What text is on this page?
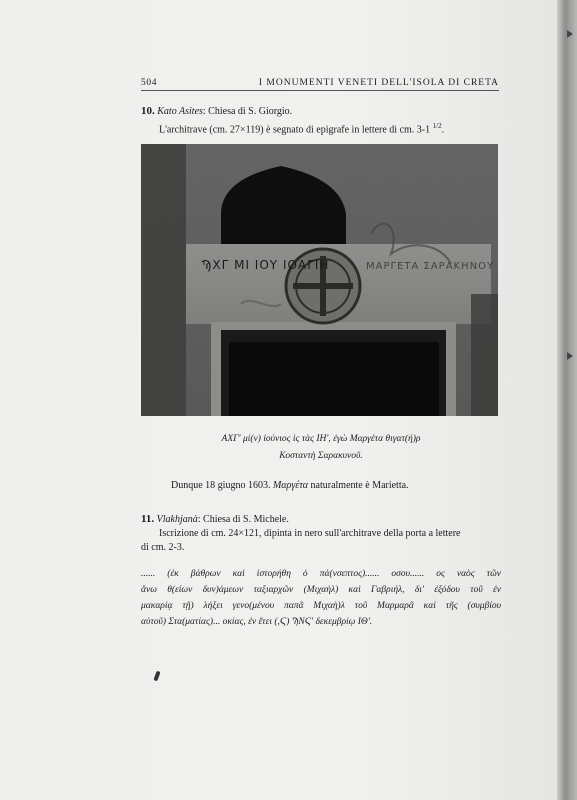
504	I MONUMENTI VENETI DELL'ISOLA DI CRETA
10. Kato Asites: Chiesa di S. Giorgio.
L'architrave (cm. 27×119) è segnato di epigrafe in lettere di cm. 3-1 $^{1/2}$.
ϠΧΓ ΜΙ ΙΟΥ ΙΟΑΓΙΗ	ΜΑΡΓΕΤΑ ΣΑΡΑΚΗΝΟΥ
ΑΧΓ' μί(ν) ἰούνιος ἰς τὰς ΙΗ', ἐγὼ Μαργέτα θιγατ(ή)ρ
Κοσταντὴ Σαρακυνοῦ.
Dunque 18 giugno 1603. Μαργέτα naturalmente è Marietta.
11. Vlakhjanà: Chiesa di S. Michele.
Iscrizione di cm. 24×121, dipinta in nero sull'architrave della porta a lettere
di cm. 2-3.
...... (ἐκ βάθρων καὶ ἱστορήθη ὁ πά(νσεπτος)...... οσου...... ος ναὸς τῶν
ἄνω θ(είων δυν)άμεων ταξιαρχῶν (Μιχαὴλ) καὶ Γαβριήλ, δι' ἐξόδου τοῦ ἐν
μακαρίᾳ τῇ) λήξει γενο(μένου παπᾶ Μιχαὴ)λ τοῦ Μαρμαρᾶ καὶ τῆς (συμβίου
αὐτοῦ) Στα(ματίας)... οκίας, ἐν ἔτει (,Ϛ) ϠΝϚ' δεκεμβρίῳ ΙΘ'.
